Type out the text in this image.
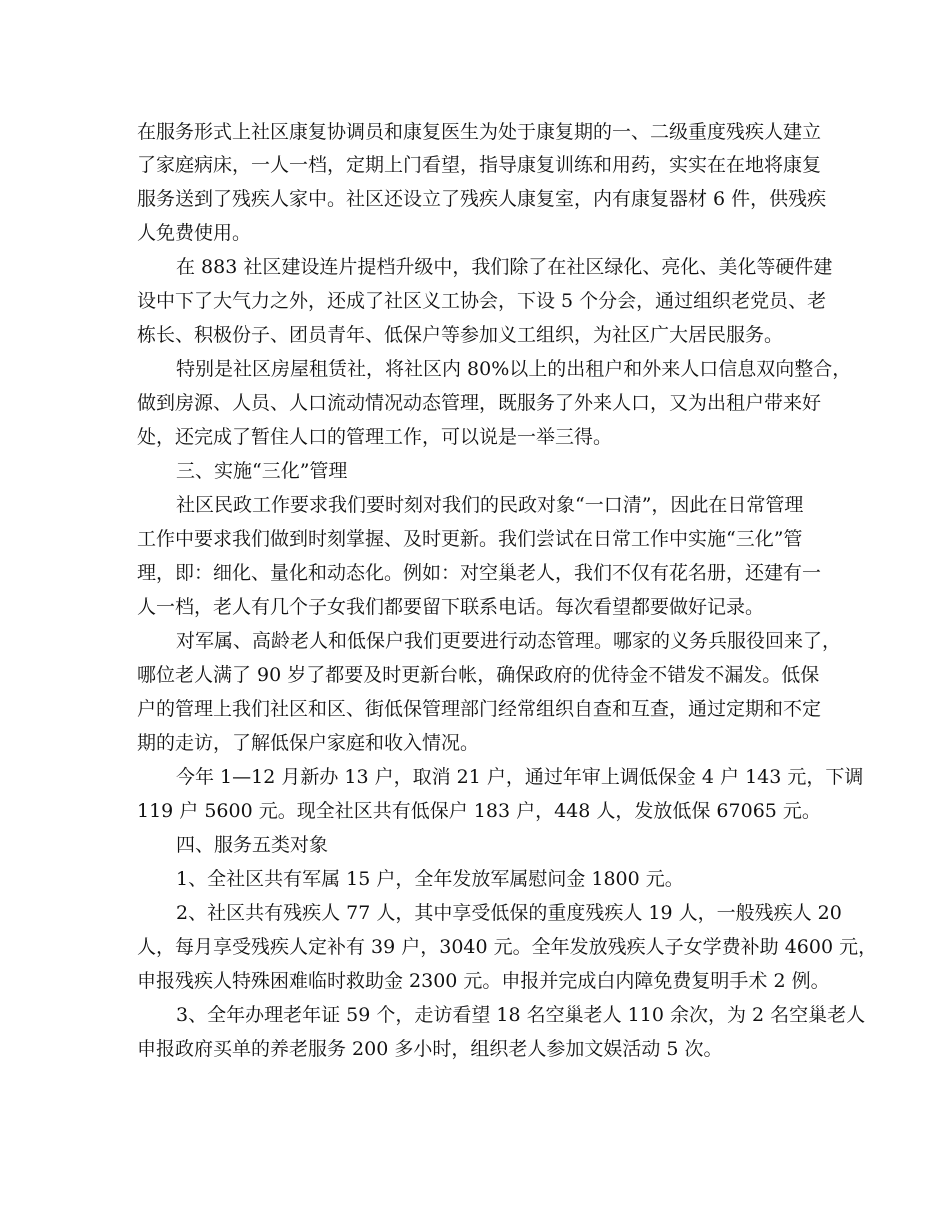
在服务形式上社区康复协调员和康复医生为处于康复期的一、二级重度残疾人建立
了家庭病床，一人一档，定期上门看望，指导康复训练和用药，实实在在地将康复
服务送到了残疾人家中。社区还设立了残疾人康复室，内有康复器材 6 件，供残疾
人免费使用。
在 883 社区建设连片提档升级中，我们除了在社区绿化、亮化、美化等硬件建
设中下了大气力之外，还成了社区义工协会，下设 5 个分会，通过组织老党员、老
栋长、积极份子、团员青年、低保户等参加义工组织，为社区广大居民服务。
特别是社区房屋租赁社，将社区内 80%以上的出租户和外来人口信息双向整合，
做到房源、人员、人口流动情况动态管理，既服务了外来人口，又为出租户带来好
处，还完成了暂住人口的管理工作，可以说是一举三得。
三、实施“三化”管理
社区民政工作要求我们要时刻对我们的民政对象“一口清”，因此在日常管理
工作中要求我们做到时刻掌握、及时更新。我们尝试在日常工作中实施“三化”管
理，即：细化、量化和动态化。例如：对空巢老人，我们不仅有花名册，还建有一
人一档，老人有几个子女我们都要留下联系电话。每次看望都要做好记录。
对军属、高龄老人和低保户我们更要进行动态管理。哪家的义务兵服役回来了，
哪位老人满了 90 岁了都要及时更新台帐，确保政府的优待金不错发不漏发。低保
户的管理上我们社区和区、街低保管理部门经常组织自查和互查，通过定期和不定
期的走访，了解低保户家庭和收入情况。
今年 1—12 月新办 13 户，取消 21 户，通过年审上调低保金 4 户 143 元，下调
119 户 5600 元。现全社区共有低保户 183 户，448 人，发放低保 67065 元。
四、服务五类对象
1、全社区共有军属 15 户，全年发放军属慰问金 1800 元。
2、社区共有残疾人 77 人，其中享受低保的重度残疾人 19 人，一般残疾人 20
人，每月享受残疾人定补有 39 户，3040 元。全年发放残疾人子女学费补助 4600 元，
申报残疾人特殊困难临时救助金 2300 元。申报并完成白内障免费复明手术 2 例。
3、全年办理老年证 59 个，走访看望 18 名空巢老人 110 余次，为 2 名空巢老人
申报政府买单的养老服务 200 多小时，组织老人参加文娱活动 5 次。
